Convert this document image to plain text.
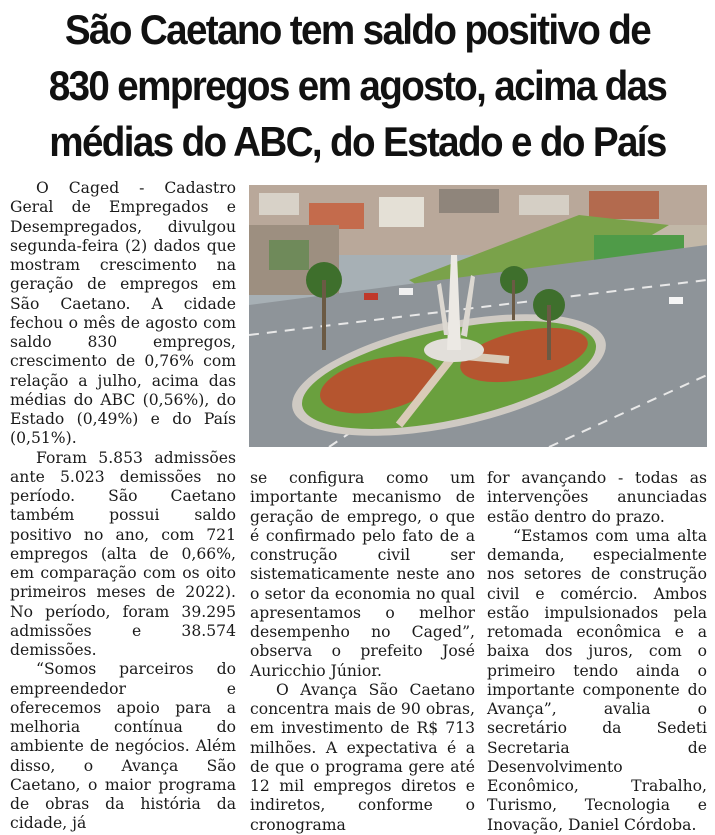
São Caetano tem saldo positivo de 830 empregos em agosto, acima das médias do ABC, do Estado e do País

O Caged - Cadastro Geral de Empregados e Desempregados, divulgou segunda-feira (2) dados que mostram crescimento na geração de empregos em São Caetano. A cidade fechou o mês de agosto com saldo 830 empregos, crescimento de 0,76% com relação a julho, acima das médias do ABC (0,56%), do Estado (0,49%) e do País (0,51%).

Foram 5.853 admissões ante 5.023 demissões no período. São Caetano também possui saldo positivo no ano, com 721 empregos (alta de 0,66%, em comparação com os oito primeiros meses de 2022). No período, foram 39.295 admissões e 38.574 demissões.

“Somos parceiros do empreendedor e oferecemos apoio para a melhoria contínua do ambiente de negócios. Além disso, o Avança São Caetano, o maior programa de obras da história da cidade, já

se configura como um importante mecanismo de geração de emprego, o que é confirmado pelo fato de a construção civil ser sistematicamente neste ano o setor da economia no qual apresentamos o melhor desempenho no Caged”, observa o prefeito José Auricchio Júnior.

O Avança São Caetano concentra mais de 90 obras, em investimento de R$ 713 milhões. A expectativa é a de que o programa gere até 12 mil empregos diretos e indiretos, conforme o cronograma

for avançando - todas as intervenções anunciadas estão dentro do prazo.

“Estamos com uma alta demanda, especialmente nos setores de construção civil e comércio. Ambos estão impulsionados pela retomada econômica e a baixa dos juros, com o primeiro tendo ainda o importante componente do Avança”, avalia o secretário da Sedeti Secretaria de Desenvolvimento Econômico, Trabalho, Turismo, Tecnologia e Inovação, Daniel Córdoba.
